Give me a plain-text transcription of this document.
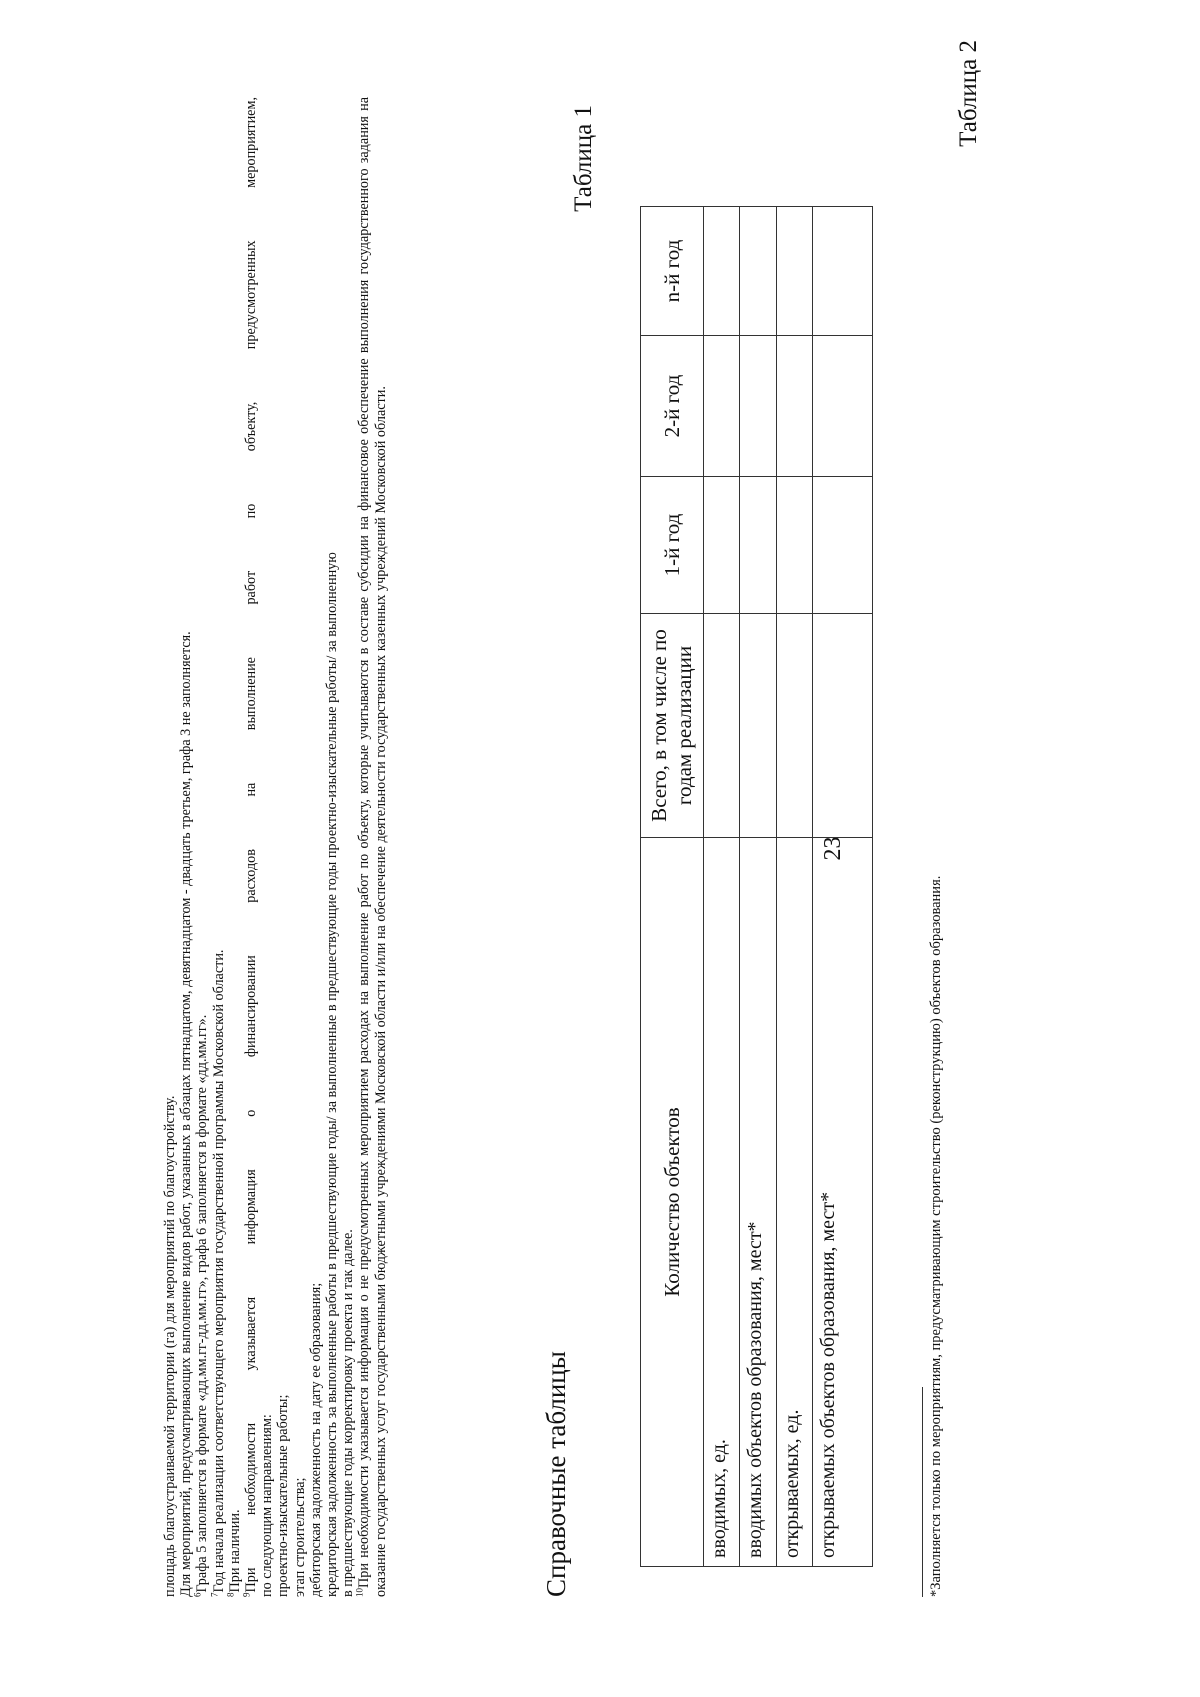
23

площадь благоустраиваемой территории (га) для мероприятий по благоустройству. Для мероприятий, предусматривающих выполнение видов работ, указанных в абзацах пятнадцатом, девятнадцатом - двадцать третьем, графа 3 не заполняется.

$^6$Графа 5 заполняется в формате «дд.мм.гг-дд.мм.гг», графа 6 заполняется в формате «дд.мм.гг».

$^7$Год начала реализации соответствующего мероприятия государственной программы Московской области.

$^8$При наличии.

$^9$При необходимости указывается информация о финансировании расходов на выполнение работ по объекту, предусмотренных мероприятием, по следующим направлениям: проектно-изыскательные работы; этап строительства; дебиторская задолженность на дату ее образования; кредиторская задолженность за выполненные работы в предшествующие годы/ за выполненные в предшествующие годы проектно-изыскательные работы/ за выполненную в предшествующие годы корректировку проекта и так далее.

$^{10}$При необходимости указывается информация о не предусмотренных мероприятием расходах на выполнение работ по объекту, которые учитываются в составе субсидии на финансовое обеспечение выполнения государственного задания на оказание государственных услуг государственными бюджетными учреждениями Московской области и/или на обеспечение деятельности государственных казенных учреждений Московской области.	Справочные таблицы
Таблица 1
Количество объектов	Всего, в том числе по годам реализации	1-й год	2-й год	n-й год
вводимых, ед.				
вводимых объектов образования, мест*				
открываемых, ед.				
открываемых объектов образования, мест*					*Заполняется только по мероприятиям, предусматривающим строительство (реконструкцию) объектов образования.
Таблица 2
